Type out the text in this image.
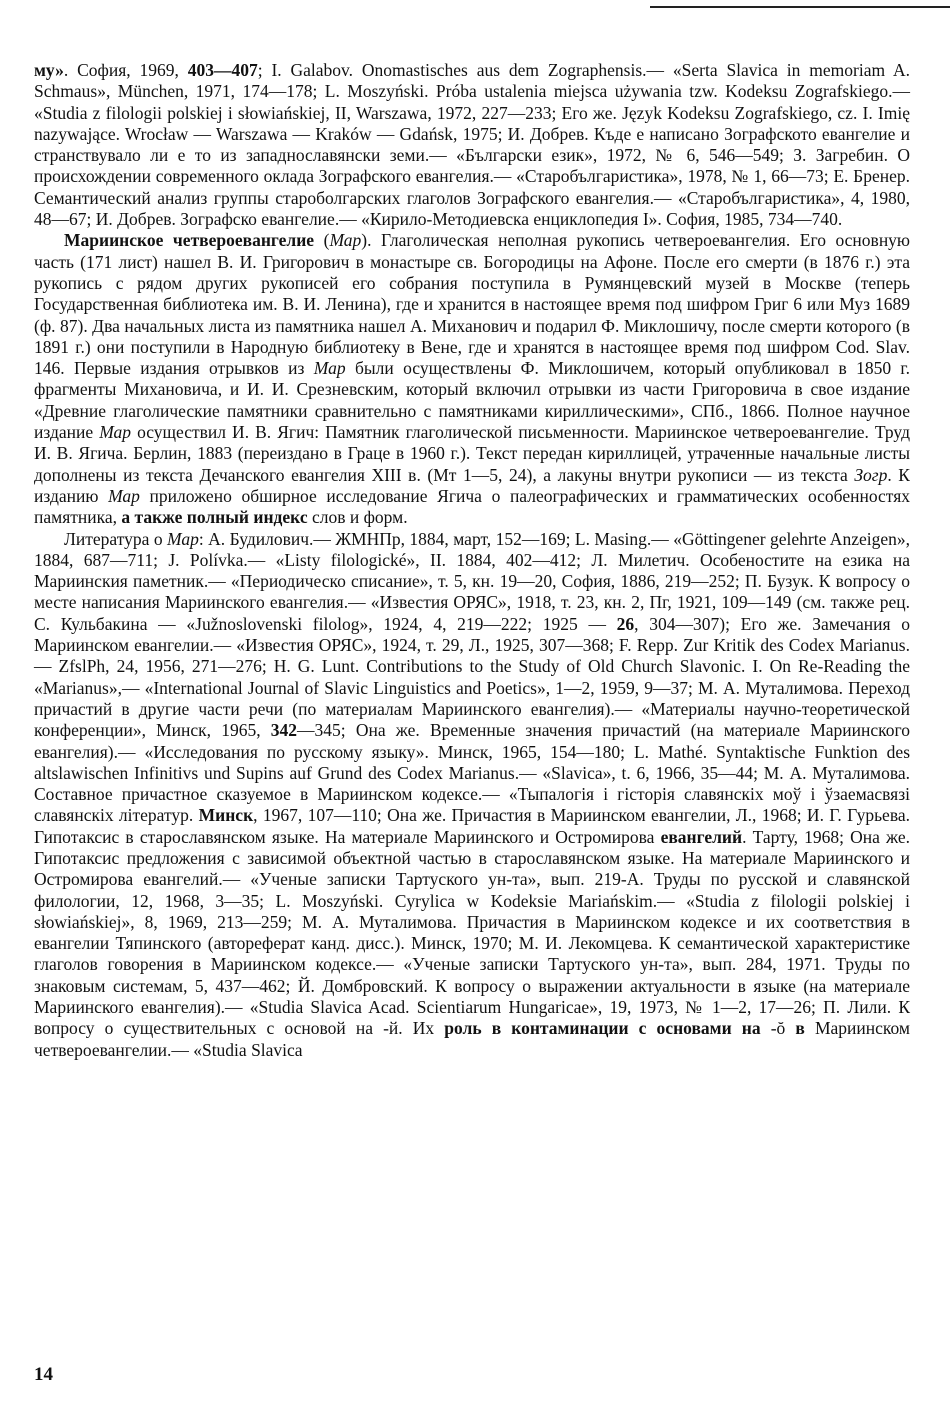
му». София, 1969, 403—407; I. Galabov. Onomastisches aus dem Zographensis.— «Serta Slavica in memoriam A. Schmaus», München, 1971, 174—178; L. Moszyński. Próba ustalenia miejsca używania tzw. Kodeksu Zografskiego.— «Studia z filologii polskiej i słowiańskiej, II, Warszawa, 1972, 227—233; Его же. Język Kodeksu Zografskiego, cz. I. Imię nazywające. Wrocław — Warszawa — Kraków — Gdańsk, 1975; И. Добрев. Къде е написано Зографското евангелие и странствувало ли е то из западнославянски земи.— «Български език», 1972, № 6, 546—549; З. Загребин. О происхождении современного оклада Зографского евангелия.— «Старобългаристика», 1978, № 1, 66—73; Е. Бренер. Семантический анализ группы староболгарских глаголов Зографского евангелия.— «Старобългаристика», 4, 1980, 48—67; И. Добрев. Зографско евангелие.— «Кирило-Методиевска енциклопедия I». София, 1985, 734—740.

Мариинское четвероевангелие (Мар). Глаголическая неполная рукопись четвероевангелия. Его основную часть (171 лист) нашел В. И. Григорович в монастыре св. Богородицы на Афоне. После его смерти (в 1876 г.) эта рукопись с рядом других рукописей его собрания поступила в Румянцевский музей в Москве (теперь Государственная библиотека им. В. И. Ленина), где и хранится в настоящее время под шифром Григ 6 или Муз 1689 (ф. 87). Два начальных листа из памятника нашел А. Миханович и подарил Ф. Миклошичу, после смерти которого (в 1891 г.) они поступили в Народную библиотеку в Вене, где и хранятся в настоящее время под шифром Cod. Slav. 146. Первые издания отрывков из Мар были осуществлены Ф. Миклошичем, который опубликовал в 1850 г. фрагменты Михановича, и И. И. Срезневским, который включил отрывки из части Григоровича в свое издание «Древние глаголические памятники сравнительно с памятниками кириллическими», СПб., 1866. Полное научное издание Мар осуществил И. В. Ягич: Памятник глаголической письменности. Мариинское четвероевангелие. Труд И. В. Ягича. Берлин, 1883 (переиздано в Граце в 1960 г.). Текст передан кириллицей, утраченные начальные листы дополнены из текста Дечанского евангелия XIII в. (Мт 1—5, 24), а лакуны внутри рукописи — из текста Зогр. К изданию Мар приложено обширное исследование Ягича о палеографических и грамматических особенностях памятника, а также полный индекс слов и форм.

Литература о Мар: А. Будилович.— ЖМНПр, 1884, март, 152—169; L. Masing.— «Göttingener gelehrte Anzeigen», 1884, 687—711; J. Polívka.— «Listy filologické», II. 1884, 402—412; Л. Милетич. Особеностите на езика на Мариинския паметник.— «Периодическо списание», т. 5, кн. 19—20, София, 1886, 219—252; П. Бузук. К вопросу о месте написания Мариинского евангелия.— «Известия ОРЯС», 1918, т. 23, кн. 2, Пг, 1921, 109—149 (см. также рец. С. Кульбакина — «Južnoslovenski filolog», 1924, 4, 219—222; 1925 — 26, 304—307); Его же. Замечания о Мариинском евангелии.— «Известия ОРЯС», 1924, т. 29, Л., 1925, 307—368; F. Repp. Zur Kritik des Codex Marianus.— ZfslPh, 24, 1956, 271—276; H. G. Lunt. Contributions to the Study of Old Church Slavonic. I. On Re-Reading the «Marianus»,— «International Journal of Slavic Linguistics and Poetics», 1—2, 1959, 9—37; М. А. Муталимова. Переход причастий в другие части речи (по материалам Мариинского евангелия).— «Материалы научно-теоретической конференции», Минск, 1965, 342—345; Она же. Временные значения причастий (на материале Мариинского евангелия).— «Исследования по русскому языку». Минск, 1965, 154—180; L. Mathé. Syntaktische Funktion des altslawischen Infinitivs und Supins auf Grund des Codex Marianus.— «Slavica», t. 6, 1966, 35—44; М. А. Муталимова. Составное причастное сказуемое в Мариинском кодексе.— «Тыпалогія і гісторія славянскіх моў і ўзаемасвязі славянскіх літератур. Минск, 1967, 107—110; Она же. Причастия в Мариинском евангелии, Л., 1968; И. Г. Гурьева. Гипотаксис в старославянском языке. На материале Мариинского и Остромирова евангелий. Тарту, 1968; Она же. Гипотаксис предложения с зависимой объектной частью в старославянском языке. На материале Мариинского и Остромирова евангелий.— «Ученые записки Тартуского ун-та», вып. 219-А. Труды по русской и славянской филологии, 12, 1968, 3—35; L. Moszyński. Cyrylica w Kodeksie Mariańskim.— «Studia z filologii polskiej i słowiańskiej», 8, 1969, 213—259; М. А. Муталимова. Причастия в Мариинском кодексе и их соответствия в евангелии Тяпинского (автореферат канд. дисс.). Минск, 1970; М. И. Лекомцева. К семантической характеристике глаголов говорения в Мариинском кодексе.— «Ученые записки Тартуского ун-та», вып. 284, 1971. Труды по знаковым системам, 5, 437—462; Й. Домбровский. К вопросу о выражении актуальности в языке (на материале Мариинского евангелия).— «Studia Slavica Acad. Scientiarum Hungaricae», 19, 1973, № 1—2, 17—26; П. Лили. К вопросу о существительных с основой на -й. Их роль в контаминации с основами на -ŏ в Мариинском четвероевангелии.— «Studia Slavica

14
